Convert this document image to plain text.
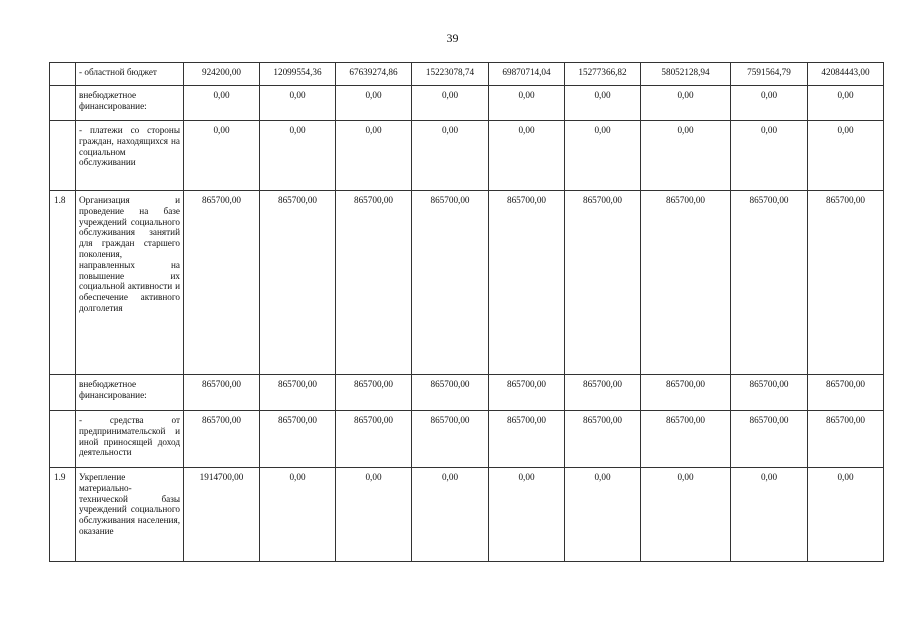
39
	- областной бюджет	924200,00	12099554,36	67639274,86	15223078,74	69870714,04	15277366,82	58052128,94	7591564,79	42084443,00
	внебюджетное финансирование:	0,00	0,00	0,00	0,00	0,00	0,00	0,00	0,00	0,00
	- платежи со стороны граждан, находящихся на социальном обслуживании	0,00	0,00	0,00	0,00	0,00	0,00	0,00	0,00	0,00
1.8	Организация и проведение на базе учреждений социального обслуживания занятий для граждан старшего поколения, направленных на повышение их социальной активности и обеспечение активного долголетия	865700,00	865700,00	865700,00	865700,00	865700,00	865700,00	865700,00	865700,00	865700,00
	внебюджетное финансирование:	865700,00	865700,00	865700,00	865700,00	865700,00	865700,00	865700,00	865700,00	865700,00
	- средства от предпринимательской и иной приносящей доход деятельности	865700,00	865700,00	865700,00	865700,00	865700,00	865700,00	865700,00	865700,00	865700,00
1.9	Укрепление материально-технической базы учреждений социального обслуживания населения, оказание	1914700,00	0,00	0,00	0,00	0,00	0,00	0,00	0,00	0,00
